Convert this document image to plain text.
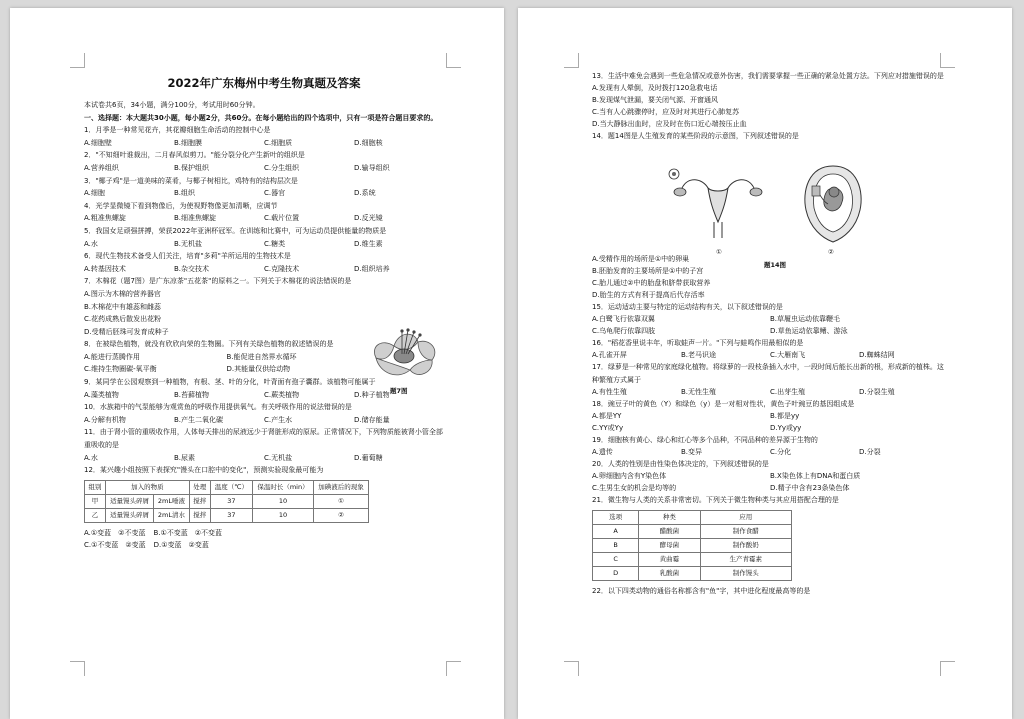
2022年广东梅州中考生物真题及答案
本试卷共6页，34小题，满分100分，考试用时60分钟。
一、选择题：本大题共30小题，每小题2分，共60分。在每小题给出的四个选项中，只有一项是符合题目要求的。
1．月季是一种常见花卉，其花瓣细胞生命活动的控制中心是
A.细胞壁	B.细胞膜	C.细胞质	D.细胞核
2．"不知细叶谁裁出，二月春风似剪刀。"能分裂分化产生新叶的组织是
A.营养组织	B.保护组织	C.分生组织	D.输导组织
3．"椰子鸡"是一道美味的菜肴，与椰子树相比，鸡特有的结构层次是
A.细胞	B.组织	C.器官	D.系统
4．光学显微镜下看到物像后，为使视野物像更加清晰，应调节
A.粗准焦螺旋	B.细准焦螺旋	C.载片位置	D.反光镜
5．我国女足顽强拼搏，荣获2022年亚洲杯冠军。在训练和比赛中，可为运动员提供能量的物质是
A.水	B.无机盐	C.糖类	D.维生素
6．现代生物技术备受人们关注，培育"多莉"羊所运用的生物技术是
A.转基因技术	B.杂交技术	C.克隆技术	D.组织培养
7．木棉花（题7图）是广东凉茶"五花茶"的原料之一。下列关于木棉花的说法错误的是
A.图示为木棉的营养器官
B.木棉花中有雄蕊和雌蕊
C.花药成熟后散发出花粉
D.受精后胚珠可发育成种子
8．在被绿色植物，就没有欣欣向荣的生物圈。下列有关绿色植物的叙述错误的是
A.能进行蒸腾作用	B.能促进自然界水循环
C.维持生物圈碳-氧平衡	D.其能量仅供给动物
9．某同学在公园观察到一种植物，有根、茎、叶的分化，叶背面有孢子囊群。该植物可能属于
A.藻类植物	B.苔藓植物	C.蕨类植物	D.种子植物
10．水族箱中的气泵能够为观赏鱼的呼吸作用提供氧气。有关呼吸作用的说法错误的是
A.分解有机物	B.产生二氧化碳	C.产生水	D.储存能量
11．由于肾小管的重吸收作用，人体每天排出的尿液远少于肾脏形成的原尿。正常情况下，下列物质能被肾小管全部重吸收的是
A.水	B.尿素	C.无机盐	D.葡萄糖
12．某兴趣小组按照下表探究"馒头在口腔中的变化"，预测实验现象最可能为
组别	加入的物质		处理	温度（℃）	保温时长（min）	加碘液后的现象
甲	适量馒头碎屑	2mL唾液	搅拌	37	10	①
乙	适量馒头碎屑	2mL清水	搅拌	37	10	②
A.①变蓝　②不变蓝 B.①不变蓝　②不变蓝
C.①不变蓝　②变蓝 D.①变蓝　②变蓝
题7图
13．生活中难免会遇到一些危急情况或意外伤害，我们需要掌握一些正确的紧急处置方法。下列应对措施错误的是
A.发现有人晕倒，及时拨打120急救电话
B.发现煤气泄漏，要关闭气源、开窗通风
C.当有人心跳骤停时，应及时对其进行心肺复苏
D.当大静脉出血时，应及时在伤口近心端按压止血
14．题14图是人生殖发育的某些阶段的示意图，下列叙述错误的是
A.受精作用的场所是①中的卵巢
B.胚胎发育的主要场所是①中的子宫
C.胎儿通过②中的胎盘和脐带获取营养
D.胎生的方式有利于提高后代存活率
15．运动适动主要与特定的运动结构有关，以下叙述错误的是
A.白鹭飞行依靠双翼	B.草履虫运动依靠鞭毛
C.乌龟爬行依靠四肢	D.草鱼运动依靠鳍、游泳
16．"稻花香里说丰年，听取蛙声一片。"下列与蛙鸣作用最相似的是
A.孔雀开屏	B.老马识途	C.大雁南飞	D.蜘蛛结网
17．绿萝是一种常见的家庭绿化植物。将绿萝的一段枝条插入水中，一段时间后能长出新的根，形成新的植株。这种繁殖方式属于
A.有性生殖	B.无性生殖	C.出芽生殖	D.分裂生殖
18．豌豆子叶的黄色（Y）和绿色（y）是一对相对性状，黄色子叶豌豆的基因组成是
A.都是YY	B.都是yy
C.YY或Yy	D.Yy或yy
19．细胞核有黄心、绿心和红心等多个品种，不同品种的差异源于生物的
A.遗传	B.变异	C.分化	D.分裂
20．人类的性别是由性染色体决定的，下列叙述错误的是
A.卵细胞内含有Y染色体	B.X染色体上有DNA和蛋白质
C.生男生女的机会是均等的	D.精子中含有23条染色体
21．微生物与人类的关系非常密切。下列关于微生物种类与其应用搭配合理的是
选项	种类	应用
A	醋酸菌	制作食醋
B	酵母菌	制作酸奶
C	黄曲霉	生产青霉素
D	乳酸菌	制作馒头
22．以下四类动物的通俗名称都含有"鱼"字，其中进化程度最高等的是
①	②
题14图
